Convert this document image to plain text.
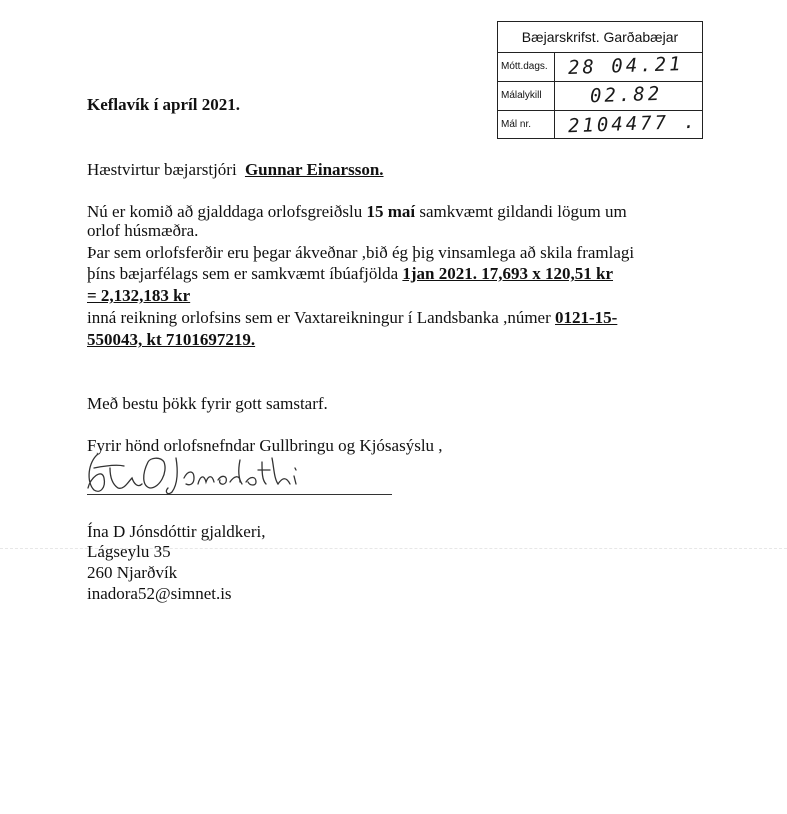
Bæjarskrifst. Garðabæjar
Mótt.dags.	28 04.21
Málalykill	02.82
Mál nr.	2104477 .
Keflavík í apríl 2021.
Hæstvirtur bæjarstjóri Gunnar Einarsson.
Nú er komið að gjalddaga orlofsgreiðslu 15 maí samkvæmt gildandi lögum um
orlof húsmæðra.
Þar sem orlofsferðir eru þegar ákveðnar ,bið ég þig vinsamlega að skila framlagi
þíns bæjarfélags sem er samkvæmt íbúafjölda 1jan 2021. 17,693 x 120,51 kr
= 2,132,183 kr
inná reikning orlofsins sem er Vaxtareikningur í Landsbanka ,númer 0121-15-
550043, kt 7101697219.
Með bestu þökk fyrir gott samstarf.
Fyrir hönd orlofsnefndar Gullbringu og Kjósasýslu ,
Ína D Jónsdóttir gjaldkeri,
Lágseylu 35
260 Njarðvík
inadora52@simnet.is
